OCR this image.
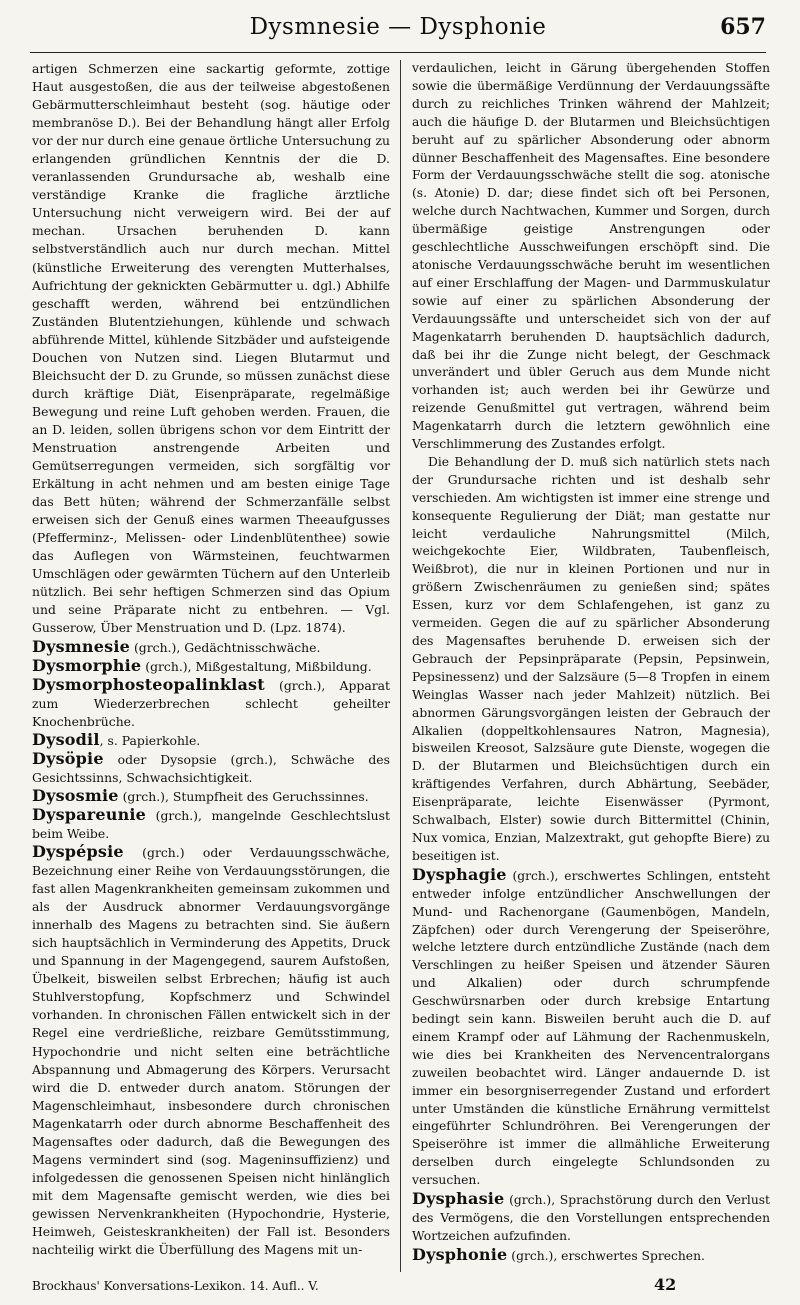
Dysmnesie — Dysphonie	657

artigen Schmerzen eine sackartig geformte, zottige Haut ausgestoßen, die aus der teilweise abgestoßenen Gebärmutterschleimhaut besteht (sog. häutige oder membranöse D.). Bei der Behandlung hängt aller Erfolg vor der nur durch eine genaue örtliche Untersuchung zu erlangenden gründlichen Kenntnis der die D. veranlassenden Grundursache ab, weshalb eine verständige Kranke die fragliche ärztliche Untersuchung nicht verweigern wird. Bei der auf mechan. Ursachen beruhenden D. kann selbstverständlich auch nur durch mechan. Mittel (künstliche Erweiterung des verengten Mutterhalses, Aufrichtung der geknickten Gebärmutter u. dgl.) Abhilfe geschafft werden, während bei entzündlichen Zuständen Blutentziehungen, kühlende und schwach abführende Mittel, kühlende Sitzbäder und aufsteigende Douchen von Nutzen sind. Liegen Blutarmut und Bleichsucht der D. zu Grunde, so müssen zunächst diese durch kräftige Diät, Eisenpräparate, regelmäßige Bewegung und reine Luft gehoben werden. Frauen, die an D. leiden, sollen übrigens schon vor dem Eintritt der Menstruation anstrengende Arbeiten und Gemütserregungen vermeiden, sich sorgfältig vor Erkältung in acht nehmen und am besten einige Tage das Bett hüten; während der Schmerzanfälle selbst erweisen sich der Genuß eines warmen Theeaufgusses (Pfefferminz-, Melissen- oder Lindenblütenthee) sowie das Auflegen von Wärmsteinen, feuchtwarmen Umschlägen oder gewärmten Tüchern auf den Unterleib nützlich. Bei sehr heftigen Schmerzen sind das Opium und seine Präparate nicht zu entbehren. — Vgl. Gusserow, Über Menstruation und D. (Lpz. 1874).

Dysmnesie (grch.), Gedächtnisschwäche.

Dysmorphie (grch.), Mißgestaltung, Mißbildung.

Dysmorphosteopalinklast (grch.), Apparat zum Wiederzerbrechen schlecht geheilter Knochenbrüche.

Dysodil, s. Papierkohle.

Dysöpie oder Dysopsie (grch.), Schwäche des Gesichtssinns, Schwachsichtigkeit.

Dysosmie (grch.), Stumpfheit des Geruchssinnes.

Dyspareunie (grch.), mangelnde Geschlechtslust beim Weibe.

Dyspépsie (grch.) oder Verdauungsschwäche, Bezeichnung einer Reihe von Verdauungsstörungen, die fast allen Magenkrankheiten gemeinsam zukommen und als der Ausdruck abnormer Verdauungsvorgänge innerhalb des Magens zu betrachten sind. Sie äußern sich hauptsächlich in Verminderung des Appetits, Druck und Spannung in der Magengegend, saurem Aufstoßen, Übelkeit, bisweilen selbst Erbrechen; häufig ist auch Stuhlverstopfung, Kopfschmerz und Schwindel vorhanden. In chronischen Fällen entwickelt sich in der Regel eine verdrießliche, reizbare Gemütsstimmung, Hypochondrie und nicht selten eine beträchtliche Abspannung und Abmagerung des Körpers. Verursacht wird die D. entweder durch anatom. Störungen der Magenschleimhaut, insbesondere durch chronischen Magenkatarrh oder durch abnorme Beschaffenheit des Magensaftes oder dadurch, daß die Bewegungen des Magens vermindert sind (sog. Mageninsuffizienz) und infolgedessen die genossenen Speisen nicht hinlänglich mit dem Magensafte gemischt werden, wie dies bei gewissen Nervenkrankheiten (Hypochondrie, Hysterie, Heimweh, Geisteskrankheiten) der Fall ist. Besonders nachteilig wirkt die Überfüllung des Magens mit un-

verdaulichen, leicht in Gärung übergehenden Stoffen sowie die übermäßige Verdünnung der Verdauungssäfte durch zu reichliches Trinken während der Mahlzeit; auch die häufige D. der Blutarmen und Bleichsüchtigen beruht auf zu spärlicher Absonderung oder abnorm dünner Beschaffenheit des Magensaftes. Eine besondere Form der Verdauungsschwäche stellt die sog. atonische (s. Atonie) D. dar; diese findet sich oft bei Personen, welche durch Nachtwachen, Kummer und Sorgen, durch übermäßige geistige Anstrengungen oder geschlechtliche Ausschweifungen erschöpft sind. Die atonische Verdauungsschwäche beruht im wesentlichen auf einer Erschlaffung der Magen- und Darmmuskulatur sowie auf einer zu spärlichen Absonderung der Verdauungssäfte und unterscheidet sich von der auf Magenkatarrh beruhenden D. hauptsächlich dadurch, daß bei ihr die Zunge nicht belegt, der Geschmack unverändert und übler Geruch aus dem Munde nicht vorhanden ist; auch werden bei ihr Gewürze und reizende Genußmittel gut vertragen, während beim Magenkatarrh durch die letztern gewöhnlich eine Verschlimmerung des Zustandes erfolgt.

Die Behandlung der D. muß sich natürlich stets nach der Grundursache richten und ist deshalb sehr verschieden. Am wichtigsten ist immer eine strenge und konsequente Regulierung der Diät; man gestatte nur leicht verdauliche Nahrungsmittel (Milch, weichgekochte Eier, Wildbraten, Taubenfleisch, Weißbrot), die nur in kleinen Portionen und nur in größern Zwischenräumen zu genießen sind; spätes Essen, kurz vor dem Schlafengehen, ist ganz zu vermeiden. Gegen die auf zu spärlicher Absonderung des Magensaftes beruhende D. erweisen sich der Gebrauch der Pepsinpräparate (Pepsin, Pepsinwein, Pepsinessenz) und der Salzsäure (5—8 Tropfen in einem Weinglas Wasser nach jeder Mahlzeit) nützlich. Bei abnormen Gärungsvorgängen leisten der Gebrauch der Alkalien (doppeltkohlensaures Natron, Magnesia), bisweilen Kreosot, Salzsäure gute Dienste, wogegen die D. der Blutarmen und Bleichsüchtigen durch ein kräftigendes Verfahren, durch Abhärtung, Seebäder, Eisenpräparate, leichte Eisenwässer (Pyrmont, Schwalbach, Elster) sowie durch Bittermittel (Chinin, Nux vomica, Enzian, Malzextrakt, gut gehopfte Biere) zu beseitigen ist.

Dysphagie (grch.), erschwertes Schlingen, entsteht entweder infolge entzündlicher Anschwellungen der Mund- und Rachenorgane (Gaumenbögen, Mandeln, Zäpfchen) oder durch Verengerung der Speiseröhre, welche letztere durch entzündliche Zustände (nach dem Verschlingen zu heißer Speisen und ätzender Säuren und Alkalien) oder durch schrumpfende Geschwürsnarben oder durch krebsige Entartung bedingt sein kann. Bisweilen beruht auch die D. auf einem Krampf oder auf Lähmung der Rachenmuskeln, wie dies bei Krankheiten des Nervencentralorgans zuweilen beobachtet wird. Länger andauernde D. ist immer ein besorgniserregender Zustand und erfordert unter Umständen die künstliche Ernährung vermittelst eingeführter Schlundröhren. Bei Verengerungen der Speiseröhre ist immer die allmähliche Erweiterung derselben durch eingelegte Schlundsonden zu versuchen.

Dysphasie (grch.), Sprachstörung durch den Verlust des Vermögens, die den Vorstellungen entsprechenden Wortzeichen aufzufinden.

Dysphonie (grch.), erschwertes Sprechen.

Brockhaus' Konversations-Lexikon. 14. Aufl.. V.	42
